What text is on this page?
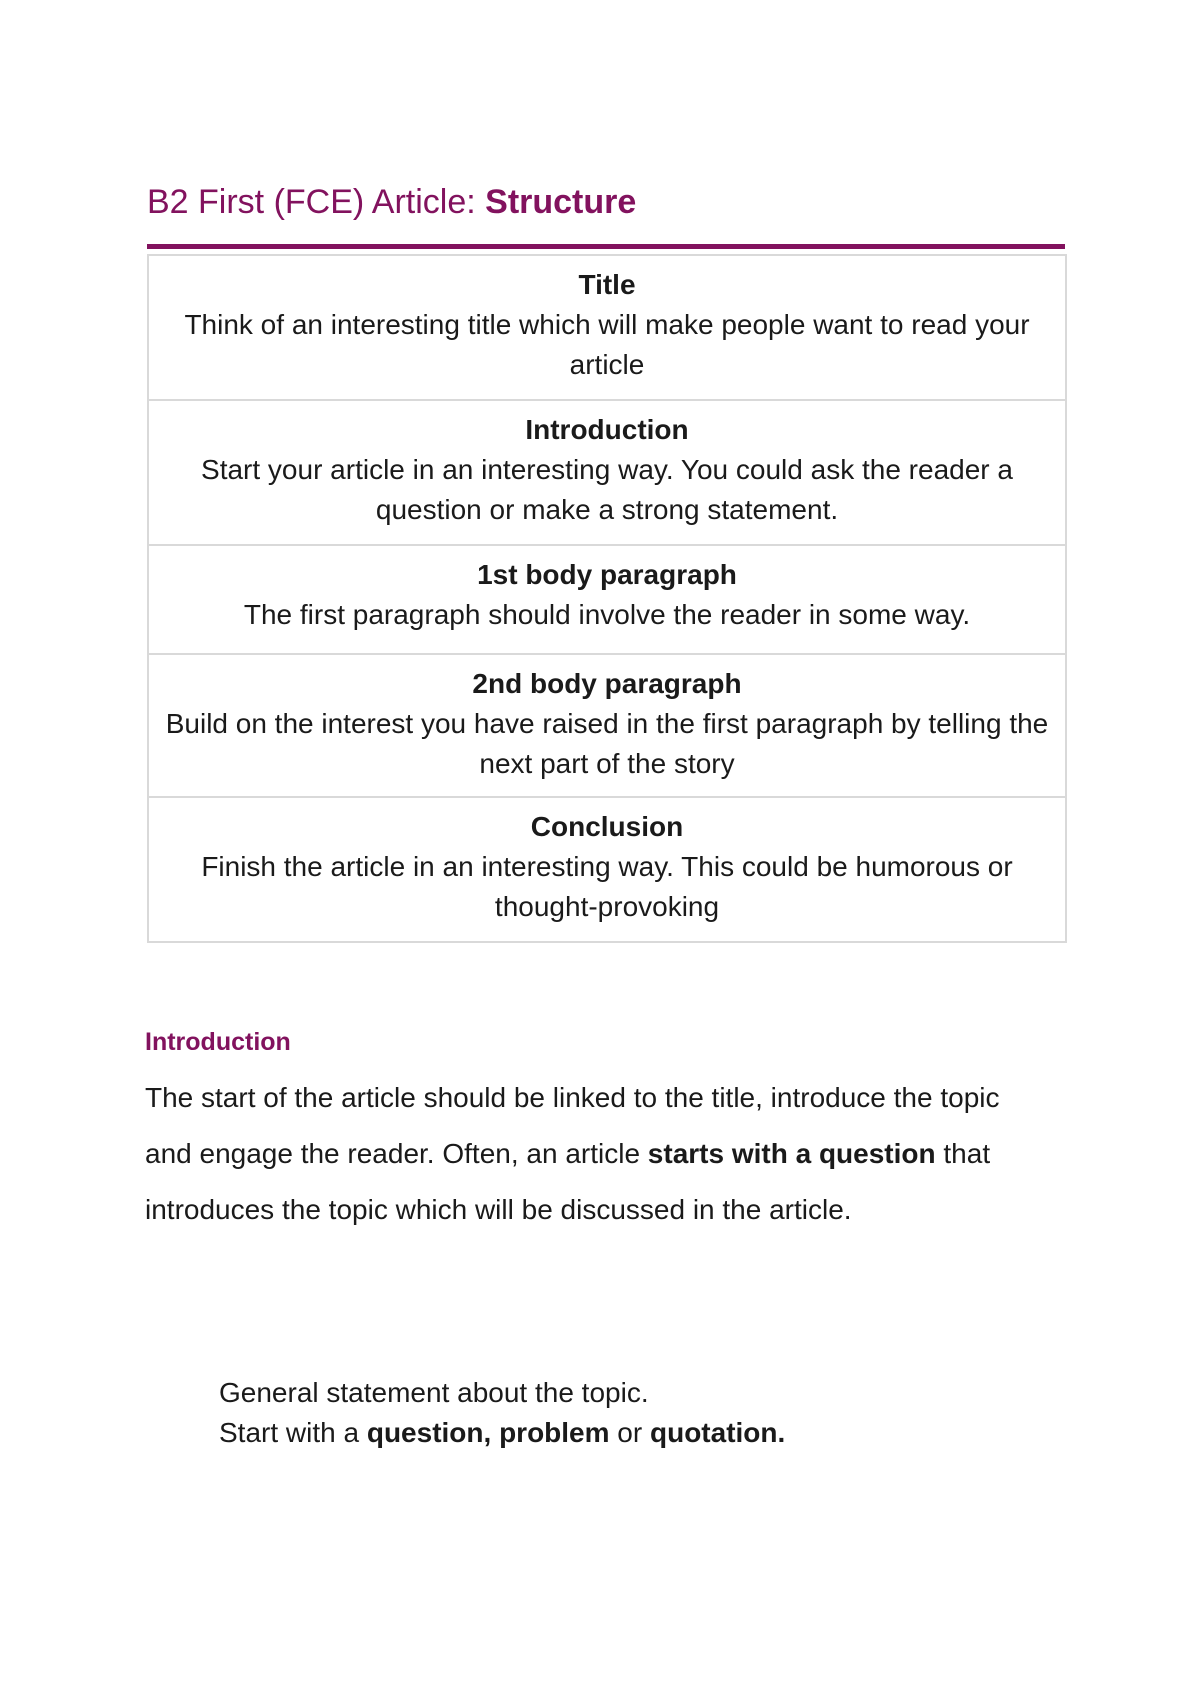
B2 First (FCE) Article: Structure
Title
Think of an interesting title which will make people want to read your article
Introduction
Start your article in an interesting way. You could ask the reader a question or make a strong statement.
1st body paragraph
The first paragraph should involve the reader in some way.
2nd body paragraph
Build on the interest you have raised in the first paragraph by telling the next part of the story
Conclusion
Finish the article in an interesting way. This could be humorous or thought-provoking
Introduction
The start of the article should be linked to the title, introduce the topic and engage the reader. Often, an article starts with a question that introduces the topic which will be discussed in the article.
General statement about the topic.
Start with a question, problem or quotation.
